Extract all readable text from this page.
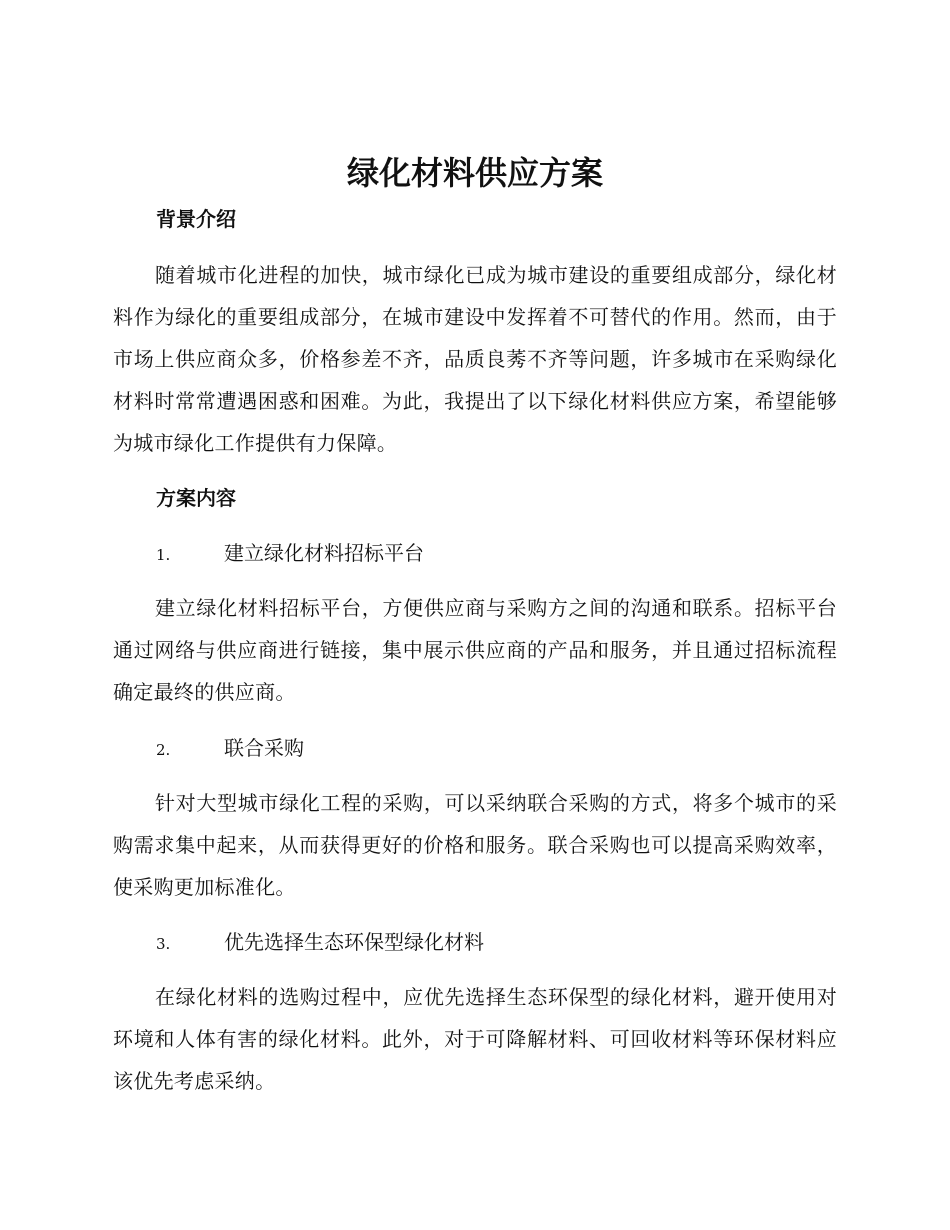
绿化材料供应方案
背景介绍

随着城市化进程的加快，城市绿化已成为城市建设的重要组成部分，绿化材料作为绿化的重要组成部分，在城市建设中发挥着不可替代的作用。然而，由于市场上供应商众多，价格参差不齐，品质良莠不齐等问题，许多城市在采购绿化材料时常常遭遇困惑和困难。为此，我提出了以下绿化材料供应方案，希望能够为城市绿化工作提供有力保障。

方案内容
1.	建立绿化材料招标平台

建立绿化材料招标平台，方便供应商与采购方之间的沟通和联系。招标平台通过网络与供应商进行链接，集中展示供应商的产品和服务，并且通过招标流程确定最终的供应商。

2.	联合采购

针对大型城市绿化工程的采购，可以采纳联合采购的方式，将多个城市的采购需求集中起来，从而获得更好的价格和服务。联合采购也可以提高采购效率，使采购更加标准化。

3.	优先选择生态环保型绿化材料

在绿化材料的选购过程中，应优先选择生态环保型的绿化材料，避开使用对环境和人体有害的绿化材料。此外，对于可降解材料、可回收材料等环保材料应该优先考虑采纳。
